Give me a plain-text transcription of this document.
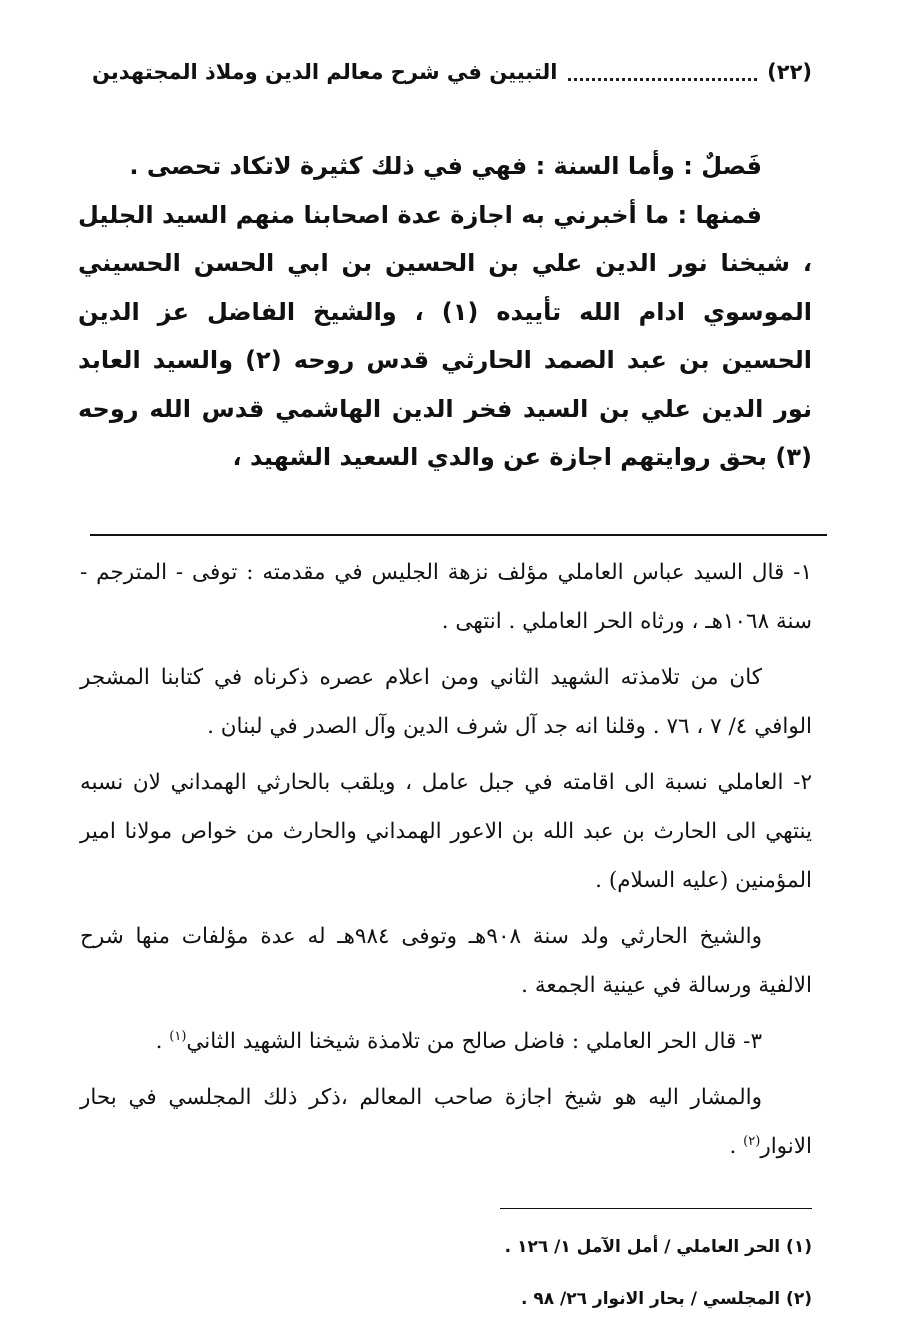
(٢٢)
التبيين في شرح معالم الدين وملاذ المجتهدين

فَصلٌ : وأما السنة : فهي في ذلك كثيرة لاتكاد تحصى .

فمنها : ما أخبرني به اجازة عدة اصحابنا منهم السيد الجليل ، شيخنا نور الدين علي بن الحسين بن ابي الحسن الحسيني الموسوي ادام الله تأييده (١) ، والشيخ الفاضل عز الدين الحسين بن عبد الصمد الحارثي قدس روحه (٢) والسيد العابد نور الدين علي بن السيد فخر الدين الهاشمي قدس الله روحه (٣) بحق روايتهم اجازة عن والدي السعيد الشهيد ،

١- قال السيد عباس العاملي مؤلف نزهة الجليس في مقدمته : توفى - المترجم - سنة ١٠٦٨هـ ، ورثاه الحر العاملي . انتهى .

كان من تلامذته الشهيد الثاني ومن اعلام عصره ذكرناه في كتابنا المشجر الوافي ٤/ ٧ ، ٧٦ . وقلنا انه جد آل شرف الدين وآل الصدر في لبنان .

٢- العاملي نسبة الى اقامته في جبل عامل ، ويلقب بالحارثي الهمداني لان نسبه ينتهي الى الحارث بن عبد الله بن الاعور الهمداني والحارث من خواص مولانا امير المؤمنين (عليه السلام) .

والشيخ الحارثي ولد سنة ٩٠٨هـ وتوفى ٩٨٤هـ له عدة مؤلفات منها شرح الالفية ورسالة في عينية الجمعة .

٣- قال الحر العاملي : فاضل صالح من تلامذة شيخنا الشهيد الثاني$^{(١)}$ .

والمشار اليه هو شيخ اجازة صاحب المعالم ،ذكر ذلك المجلسي في بحار الانوار$^{(٢)}$ .

(١) الحر العاملي / أمل الآمل ١/ ١٢٦ .
(٢) المجلسي / بحار الانوار ٢٦/ ٩٨ .
